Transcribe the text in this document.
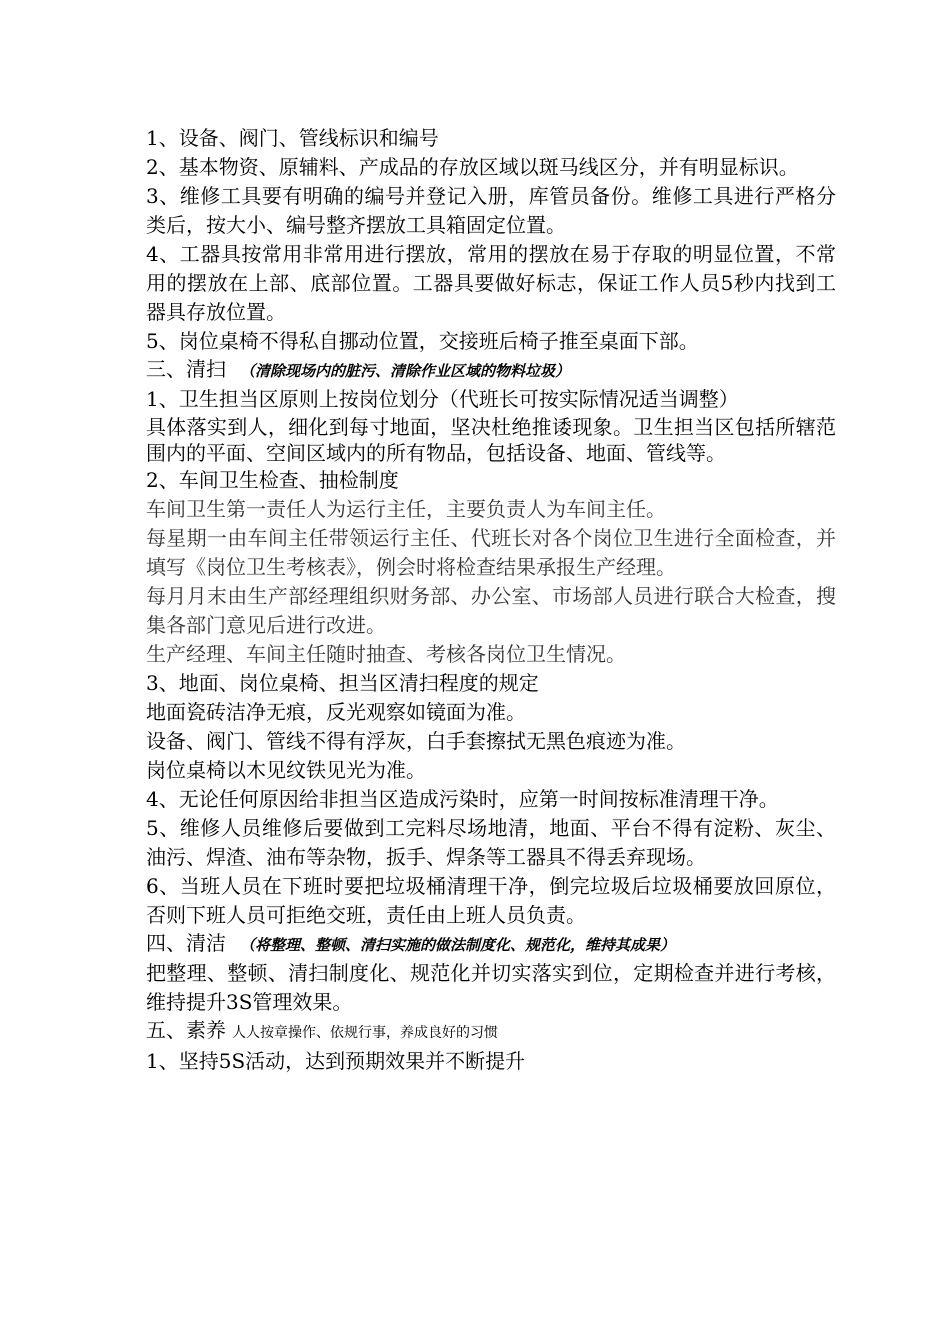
1、设备、阀门、管线标识和编号

2、基本物资、原辅料、产成品的存放区域以斑马线区分，并有明显标识。

3、维修工具要有明确的编号并登记入册，库管员备份。维修工具进行严格分类后，按大小、编号整齐摆放工具箱固定位置。

4、工器具按常用非常用进行摆放，常用的摆放在易于存取的明显位置，不常用的摆放在上部、底部位置。工器具要做好标志，保证工作人员5秒内找到工器具存放位置。

5、岗位桌椅不得私自挪动位置，交接班后椅子推至桌面下部。

三、清扫 （清除现场内的脏污、清除作业区域的物料垃圾）

1、卫生担当区原则上按岗位划分（代班长可按实际情况适当调整）

具体落实到人，细化到每寸地面，坚决杜绝推诿现象。卫生担当区包括所辖范围内的平面、空间区域内的所有物品，包括设备、地面、管线等。

2、车间卫生检查、抽检制度

车间卫生第一责任人为运行主任，主要负责人为车间主任。

每星期一由车间主任带领运行主任、代班长对各个岗位卫生进行全面检查，并填写《岗位卫生考核表》，例会时将检查结果承报生产经理。

每月月末由生产部经理组织财务部、办公室、市场部人员进行联合大检查，搜集各部门意见后进行改进。

生产经理、车间主任随时抽查、考核各岗位卫生情况。

3、地面、岗位桌椅、担当区清扫程度的规定

地面瓷砖洁净无痕，反光观察如镜面为准。

设备、阀门、管线不得有浮灰，白手套擦拭无黑色痕迹为准。

岗位桌椅以木见纹铁见光为准。

4、无论任何原因给非担当区造成污染时，应第一时间按标准清理干净。

5、维修人员维修后要做到工完料尽场地清，地面、平台不得有淀粉、灰尘、油污、焊渣、油布等杂物，扳手、焊条等工器具不得丢弃现场。

6、当班人员在下班时要把垃圾桶清理干净，倒完垃圾后垃圾桶要放回原位，否则下班人员可拒绝交班，责任由上班人员负责。

四、清洁 （将整理、整顿、清扫实施的做法制度化、规范化，维持其成果）

把整理、整顿、清扫制度化、规范化并切实落实到位，定期检查并进行考核，维持提升3S管理效果。

五、素养 人人按章操作、依规行事，养成良好的习惯

1、坚持5S活动，达到预期效果并不断提升
